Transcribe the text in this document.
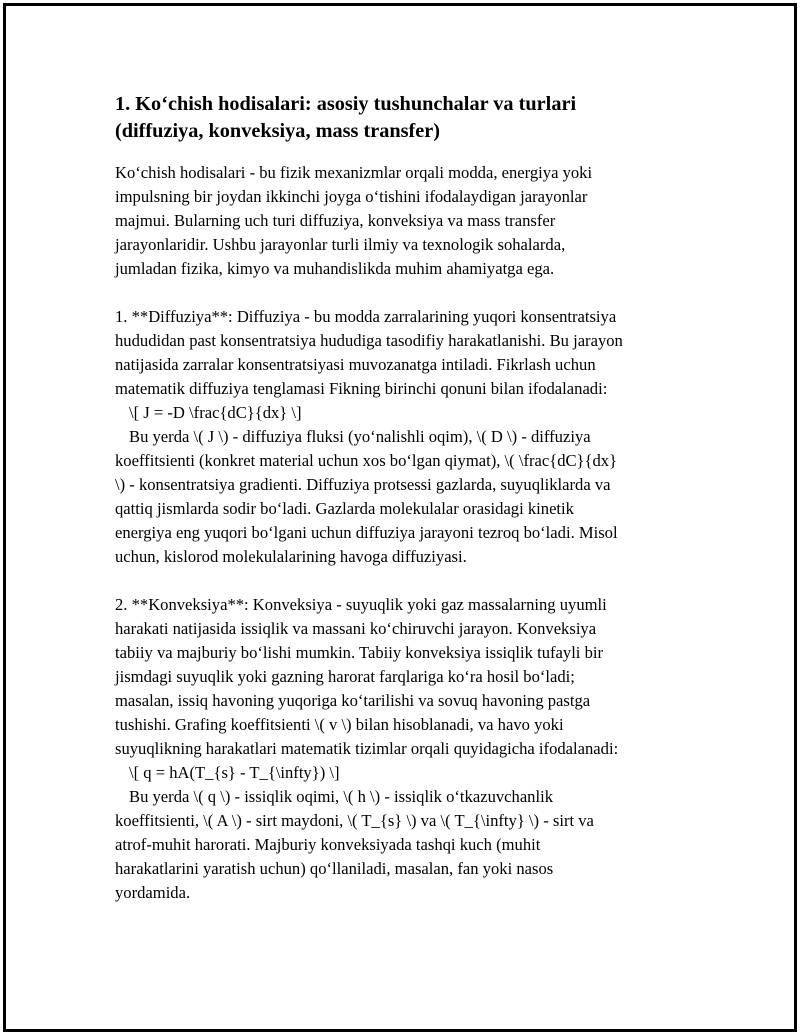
1. Ko‘chish hodisalari: asosiy tushunchalar va turlari
(diffuziya, konveksiya, mass transfer)
Ko‘chish hodisalari - bu fizik mexanizmlar orqali modda, energiya yoki
impulsning bir joydan ikkinchi joyga o‘tishini ifodalaydigan jarayonlar
majmui. Bularning uch turi diffuziya, konveksiya va mass transfer
jarayonlaridir. Ushbu jarayonlar turli ilmiy va texnologik sohalarda,
jumladan fizika, kimyo va muhandislikda muhim ahamiyatga ega.
1. **Diffuziya**: Diffuziya - bu modda zarralarining yuqori konsentratsiya
hududidan past konsentratsiya hududiga tasodifiy harakatlanishi. Bu jarayon
natijasida zarralar konsentratsiyasi muvozanatga intiladi. Fikrlash uchun
matematik diffuziya tenglamasi Fikning birinchi qonuni bilan ifodalanadi:
\[ J = -D \frac{dC}{dx} \]
Bu yerda \( J \) - diffuziya fluksi (yo‘nalishli oqim), \( D \) - diffuziya
koeffitsienti (konkret material uchun xos bo‘lgan qiymat), \( \frac{dC}{dx}
\) - konsentratsiya gradienti. Diffuziya protsessi gazlarda, suyuqliklarda va
qattiq jismlarda sodir bo‘ladi. Gazlarda molekulalar orasidagi kinetik
energiya eng yuqori bo‘lgani uchun diffuziya jarayoni tezroq bo‘ladi. Misol
uchun, kislorod molekulalarining havoga diffuziyasi.
2. **Konveksiya**: Konveksiya - suyuqlik yoki gaz massalarning uyumli
harakati natijasida issiqlik va massani ko‘chiruvchi jarayon. Konveksiya
tabiiy va majburiy bo‘lishi mumkin. Tabiiy konveksiya issiqlik tufayli bir
jismdagi suyuqlik yoki gazning harorat farqlariga ko‘ra hosil bo‘ladi;
masalan, issiq havoning yuqoriga ko‘tarilishi va sovuq havoning pastga
tushishi. Grafing koeffitsienti \( v \) bilan hisoblanadi, va havo yoki
suyuqlikning harakatlari matematik tizimlar orqali quyidagicha ifodalanadi:
\[ q = hA(T_{s} - T_{\infty}) \]
Bu yerda \( q \) - issiqlik oqimi, \( h \) - issiqlik o‘tkazuvchanlik
koeffitsienti, \( A \) - sirt maydoni, \( T_{s} \) va \( T_{\infty} \) - sirt va
atrof-muhit harorati. Majburiy konveksiyada tashqi kuch (muhit
harakatlarini yaratish uchun) qo‘llaniladi, masalan, fan yoki nasos
yordamida.
